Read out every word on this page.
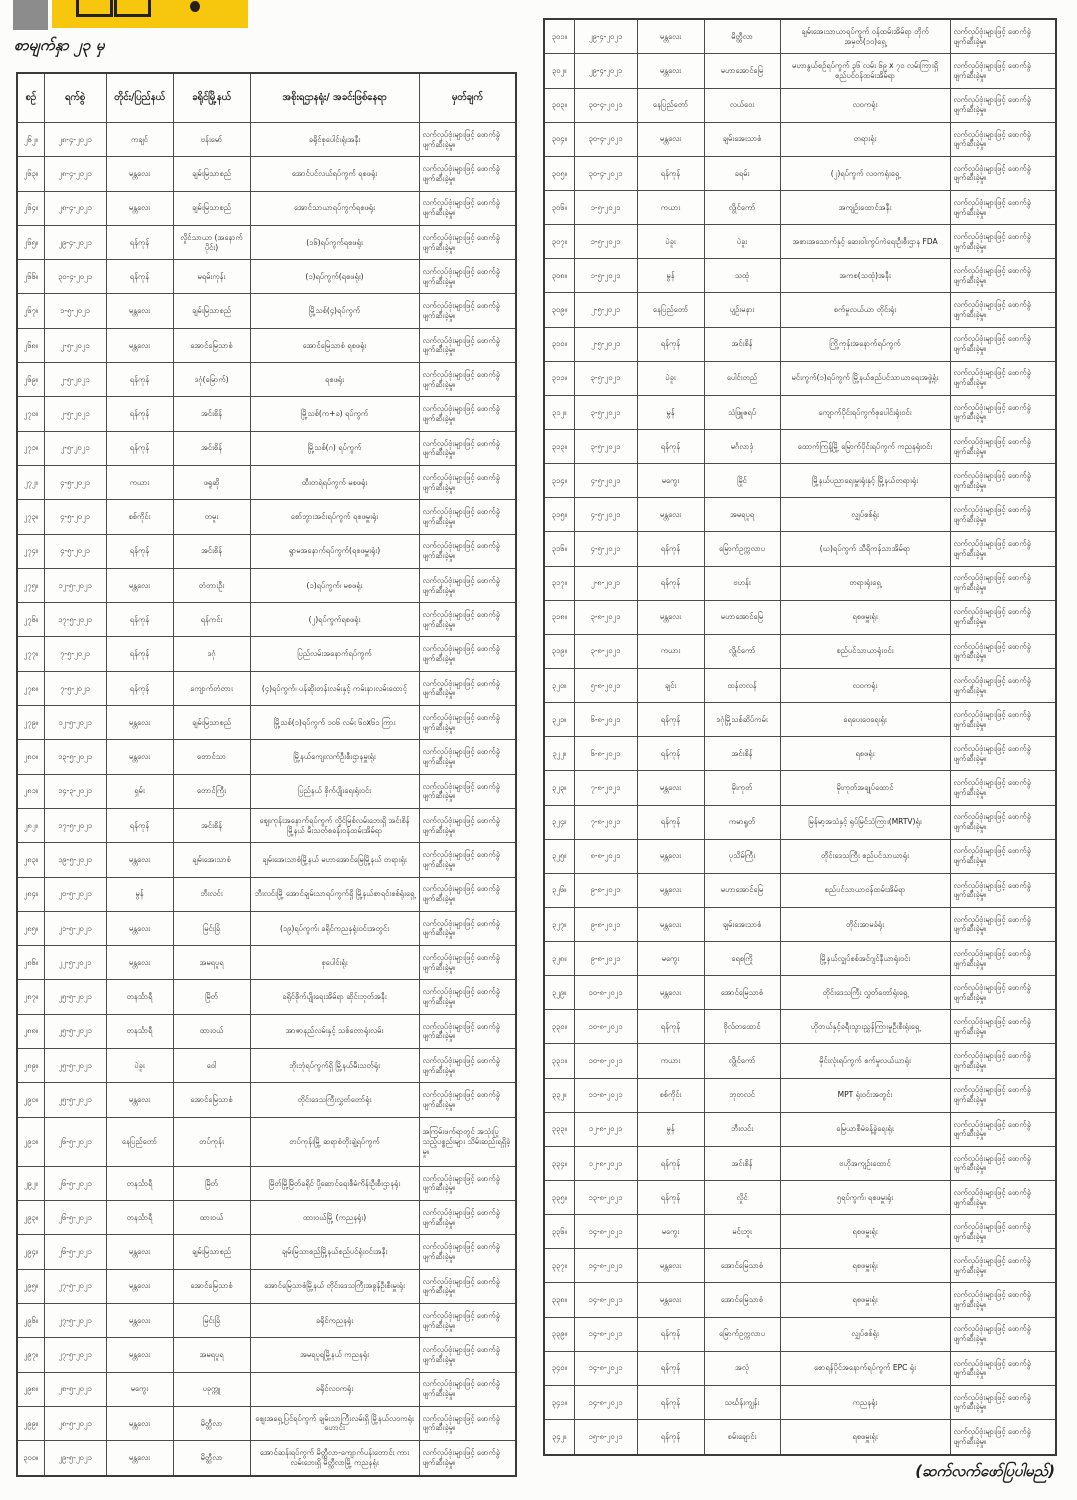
စာမျက်နှာ ၂၃ မှ
စဉ်	ရက်စွဲ	တိုင်း/ပြည်နယ်	ခရိုင်မြို့နယ်	အစိုးရဌာနရုံး/ အခင်းဖြစ်နေရာ	မှတ်ချက်
၂၆၂။	၂၈-၄-၂၀၂၁	ကချင်	ဗန်းမော်	ခရိုင်စုပေါင်းရုံးအနီး	လက်လုပ်ဗုံးများဖြင့် ဖောက်ခွဲဖျက်ဆီးခဲ့မှု။
၂၆၃။	၂၈-၄-၂၀၂၁	မန္တလေး	ချမ်းမြသာစည်	အောင်ပင်လယ်ရပ်ကွက် ရစဖရုံး	လက်လုပ်ဗုံးများဖြင့် ဖောက်ခွဲဖျက်ဆီးခဲ့မှု။
၂၆၄။	၂၈-၄-၂၀၂၁	မန္တလေး	ချမ်းမြသာစည်	အောင်သာယာရပ်ကွက်ရစဖရုံး	လက်လုပ်ဗုံးများဖြင့် ဖောက်ခွဲဖျက်ဆီးခဲ့မှု။
၂၆၅။	၂၉-၄-၂၀၂၁	ရန်ကုန်	လှိုင်သာယာ (အနောက်ပိုင်း)	(၁၆)ရပ်ကွက်ရစဖရုံး	လက်လုပ်ဗုံးများဖြင့် ဖောက်ခွဲဖျက်ဆီးခဲ့မှု။
၂၆၆။	၃၀-၄-၂၀၂၁	ရန်ကုန်	မရမ်းကုန်း	(၁)ရပ်ကွက်(ရစဖရုံး)	လက်လုပ်ဗုံးများဖြင့် ဖောက်ခွဲဖျက်ဆီးခဲ့မှု။
၂၆၇။	၁-၅-၂၀၂၁	မန္တလေး	ချမ်းမြသာစည်	မြို့သစ်(၄)ရပ်ကွက်	လက်လုပ်ဗုံးများဖြင့် ဖောက်ခွဲဖျက်ဆီးခဲ့မှု။
၂၆၈။	၂-၅-၂၀၂၁	မန္တလေး	အောင်မြေသာစံ	အောင်မြေသာစံ ရစဖရုံး	လက်လုပ်ဗုံးများဖြင့် ဖောက်ခွဲဖျက်ဆီးခဲ့မှု။
၂၆၉။	၂-၅-၂၀၂၁	ရန်ကုန်	ဒဂုံ(မြောက်)	ရစဖရုံး	လက်လုပ်ဗုံးများဖြင့် ဖောက်ခွဲဖျက်ဆီးခဲ့မှု။
၂၇၀။	၂-၅-၂၀၂၁	ရန်ကုန်	အင်းစိန်	မြို့သစ်(က+ခ) ရပ်ကွက်	လက်လုပ်ဗုံးများဖြင့် ဖောက်ခွဲဖျက်ဆီးခဲ့မှု။
၂၇၁။	၂-၅-၂၀၂၁	ရန်ကုန်	အင်းစိန်	မြို့သစ်(ဂ) ရပ်ကွက်	လက်လုပ်ဗုံးများဖြင့် ဖောက်ခွဲဖျက်ဆီးခဲ့မှု။
၂၇၂။	၄-၅-၂၀၂၁	ကယား	ဖရူဆို	ထီးတရဲရပ်ကွက် မစဖရုံး	လက်လုပ်ဗုံးများဖြင့် ဖောက်ခွဲဖျက်ဆီးခဲ့မှု။
၂၇၃။	၄-၅-၂၀၂၁	စစ်ကိုင်း	တမူး	စော်ဘွားအင်းရပ်ကွက် ရစဖမှူးရုံး	လက်လုပ်ဗုံးများဖြင့် ဖောက်ခွဲဖျက်ဆီးခဲ့မှု။
၂၇၄။	၄-၅-၂၀၂၁	ရန်ကုန်	အင်းစိန်	ရွာမအနောက်ရပ်ကွက်(ရစဖမှူးရုံး)	လက်လုပ်ဗုံးများဖြင့် ဖောက်ခွဲဖျက်ဆီးခဲ့မှု။
၂၇၅။	၁၂-၅-၂၀၂၁	မန္တလေး	တံတားဦး	(၁)ရပ်ကွက်၊ မစဖရုံး	လက်လုပ်ဗုံးများဖြင့် ဖောက်ခွဲဖျက်ဆီးခဲ့မှု။
၂၇၆။	၁၇-၅-၂၀၂၁	ရန်ကုန်	ရန်ကင်း	(၂)ရပ်ကွက်ရစဖရုံး	လက်လုပ်ဗုံးများဖြင့် ဖောက်ခွဲဖျက်ဆီးခဲ့မှု။
၂၇၇။	၇-၅-၂၀၂၁	ရန်ကုန်	ဒဂုံ	ပြည်လမ်းအနောက်ရပ်ကွက်	လက်လုပ်ဗုံးများဖြင့် ဖောက်ခွဲဖျက်ဆီးခဲ့မှု။
၂၇၈။	၇-၅-၂၀၂၁	ရန်ကုန်	ကျောက်တံတား	(၄)ရပ်ကွက်၊ ပန်ဆိုးတန်းလမ်းနှင့် ကမ်းနားလမ်းထောင့်	လက်လုပ်ဗုံးများဖြင့် ဖောက်ခွဲဖျက်ဆီးခဲ့မှု။
၂၇၉။	၁၂-၅-၂၀၂၁	မန္တလေး	ချမ်းမြသာစည်	မြို့သစ်(၁)ရပ်ကွက် ၁၀၆ လမ်း ၆၀x၆၁ ကြား	လက်လုပ်ဗုံးများဖြင့် ဖောက်ခွဲဖျက်ဆီးခဲ့မှု။
၂၈၀။	၁၃-၅-၂၀၂၁	မန္တလေး	တောင်သာ	မြို့နယ်ကျေးလက်ဦးစီးဌာနမှူးရုံး	လက်လုပ်ဗုံးများဖြင့် ဖောက်ခွဲဖျက်ဆီးခဲ့မှု။
၂၈၁။	၁၄-၃-၂၀၂၁	ရှမ်း	တောင်ကြီး	ပြည်နယ် စိုက်ပျိုးရေးရုံးဝင်း	လက်လုပ်ဗုံးများဖြင့် ဖောက်ခွဲဖျက်ဆီးခဲ့မှု။
၂၈၂။	၁၇-၅-၂၀၂၁	ရန်ကုန်	အင်းစိန်	ဈေးကုန်းအနောက်ရပ်ကွက် လှိုင်မြစ်လမ်းဘေးရှိ အင်းစိန်မြို့နယ် မီးသတ်စခန်းဝန်ထမ်းအိမ်ရာ	လက်လုပ်ဗုံးများဖြင့် ဖောက်ခွဲဖျက်ဆီးခဲ့မှု။
၂၈၃။	၁၉-၅-၂၀၂၁	မန္တလေး	ချမ်းအေးသာစံ	ချမ်းအေးသာစံမြို့နယ် မဟာအောင်မြေမြို့နယ် တရားရုံး	လက်လုပ်ဗုံးများဖြင့် ဖောက်ခွဲဖျက်ဆီးခဲ့မှု။
၂၈၄။	၂၀-၅-၂၀၂၁	မွန်	ဘီးလင်း	ဘီးလင်းမြို့ အောင်ချမ်းသာရပ်ကွက်ရှိ မြို့နယ်စာရင်းစစ်ရုံးရှေ့	လက်လုပ်ဗုံးများဖြင့် ဖောက်ခွဲဖျက်ဆီးခဲ့မှု။
၂၈၅။	၂၁-၅-၂၀၂၁	မန္တလေး	မြင်းခြံ	(၁၉)ရပ်ကွက်၊ ခရိုင်ကညနရုံးဝင်းအတွင်း	လက်လုပ်ဗုံးများဖြင့် ဖောက်ခွဲဖျက်ဆီးခဲ့မှု။
၂၈၆။	၂၂-၅-၂၀၂၁	မန္တလေး	အမရပူရ	စုပေါင်းရုံး	လက်လုပ်ဗုံးများဖြင့် ဖောက်ခွဲဖျက်ဆီးခဲ့မှု။
၂၈၇။	၂၅-၅-၂၀၂၁	တနင်္သာရီ	မြိတ်	ခရိုင်စိုက်ပျိုးရေးအိမ်ရာ ဆိုင်းဘုတ်အနီး	လက်လုပ်ဗုံးများဖြင့် ဖောက်ခွဲဖျက်ဆီးခဲ့မှု။
၂၈၈။	၂၅-၅-၂၀၂၁	တနင်္သာရီ	ထားဝယ်	အာဇာနည်လမ်းနှင့် သစ်တောရုံးလမ်း	လက်လုပ်ဗုံးများဖြင့် ဖောက်ခွဲဖျက်ဆီးခဲ့မှု။
၂၈၉။	၂၅-၅-၂၀၂၁	ပဲခူး	ဝေါ	ဘိုးဘုံရပ်ကွက်ရှိ မြို့နယ်မီးသတ်ရုံး	လက်လုပ်ဗုံးများဖြင့် ဖောက်ခွဲဖျက်ဆီးခဲ့မှု။
၂၉၀။	၂၅-၅-၂၀၂၁	မန္တလေး	အောင်မြေသာစံ	တိုင်းဒေသကြီးလွှတ်တော်ရုံး	လက်လုပ်ဗုံးများဖြင့် ဖောက်ခွဲဖျက်ဆီးခဲ့မှု။
၂၉၁။	၂၆-၅-၂၀၂၁	နေပြည်တော်	တပ်ကုန်း	တပ်ကုန်းမြို့ ဆရာစံတိုးချဲ့ရပ်ကွက်	အကြမ်းဖက်ရာတွင် အသုံးပြုသည့်ပစ္စည်းများ သိမ်းဆည်းရရှိခဲ့မှု။
၂၉၂။	၂၆-၅-၂၀၂၁	တနင်္သာရီ	မြိတ်	မြိတ်မြို့မြိတ်ခရိုင် ပို့ဆောင်ရေးစီမံကိန်းဦးစီးဌာနရုံး	လက်လုပ်ဗုံးများဖြင့် ဖောက်ခွဲဖျက်ဆီးခဲ့မှု။
၂၉၃။	၂၆-၅-၂၀၂၁	တနင်္သာရီ	ထားဝယ်	ထားဝယ်မြို့ (ကညနရုံး)	လက်လုပ်ဗုံးများဖြင့် ဖောက်ခွဲဖျက်ဆီးခဲ့မှု။
၂၉၄။	၂၆-၅-၂၀၂၁	မန္တလေး	ချမ်းမြသာစည်	ချမ်းမြသာစည်မြို့နယ်စည်ပင်ရုံးဝင်းအနီး	လက်လုပ်ဗုံးများဖြင့် ဖောက်ခွဲဖျက်ဆီးခဲ့မှု။
၂၉၅။	၂၇-၅-၂၀၂၁	မန္တလေး	အောင်မြေသာစံ	အောင်မြေသာစံမြို့နယ် တိုင်းဒေသကြီးအခွန်ဦးစီးမှူးရုံး	လက်လုပ်ဗုံးများဖြင့် ဖောက်ခွဲဖျက်ဆီးခဲ့မှု။
၂၉၆။	၂၇-၅-၂၀၂၁	မန္တလေး	မြင်းခြံ	ခရိုင်ကညနရုံး	လက်လုပ်ဗုံးများဖြင့် ဖောက်ခွဲဖျက်ဆီးခဲ့မှု။
၂၉၇။	၂၇-၅-၂၀၂၁	မန္တလေး	အမရပူရ	အမရပူရမြို့နယ် ကညနရုံး	လက်လုပ်ဗုံးများဖြင့် ဖောက်ခွဲဖျက်ဆီးခဲ့မှု။
၂၉၈။	၂၈-၅-၂၀၂၁	မကွေး	ပခုက္ကူ	ခရိုင်လဝကရုံး	လက်လုပ်ဗုံးများဖြင့် ဖောက်ခွဲဖျက်ဆီးခဲ့မှု။
၂၉၉။	၂၈-၅-၂၀၂၁	မန္တလေး	မိတ္ထီလာ	ဈေးအရှေ့ပြင်ရပ်ကွက် ချမ်းသာကြီးလမ်းရှိ မြို့နယ်လဝကရုံးဟောင်း	လက်လုပ်ဗုံးများဖြင့် ဖောက်ခွဲဖျက်ဆီးခဲ့မှု။
၃၀၀။	၂၉-၅-၂၀၂၁	မန္တလေး	မိတ္ထီလာ	အောင်ဆန်းရပ်ကွက် မိတ္ထီလာ-ကျောက်ပန်းတောင်း ကားလမ်းဘေးရှိ မိတ္ထီလာမြို့ ကညနရုံး	လက်လုပ်ဗုံးများဖြင့် ဖောက်ခွဲဖျက်ဆီးခဲ့မှု။
၃၀၁။	၂၉-၄-၂၀၂၁	မန္တလေး	မိတ္ထီလာ	ချမ်းအေးသာယာရပ်ကွက် ဝန်ထမ်းအိမ်ရာ တိုက်အမှတ်(၁၀)ရှေ့	လက်လုပ်ဗုံးများဖြင့် ဖောက်ခွဲဖျက်ဆီးခဲ့မှု။
၃၀၂။	၂၉-၄-၂၀၂၁	မန္တလေး	မဟာအောင်မြေ	မဟာနွယ်စဉ်ရပ်ကွက် ၃၆ လမ်း ၆၉ x ၇၀ လမ်းကြားရှိ စည်ပင်ဝန်ထမ်းအိမ်ရာ	လက်လုပ်ဗုံးများဖြင့် ဖောက်ခွဲဖျက်ဆီးခဲ့မှု။
၃၀၃။	၃၀-၄-၂၀၂၁	နေပြည်တော်	လယ်ဝေး	လဝကရုံး	လက်လုပ်ဗုံးများဖြင့် ဖောက်ခွဲဖျက်ဆီးခဲ့မှု။
၃၀၄။	၃၀-၄-၂၀၂၁	မန္တလေး	ချမ်းအေးသာစံ	တရားရုံး	လက်လုပ်ဗုံးများဖြင့် ဖောက်ခွဲဖျက်ဆီးခဲ့မှု။
၃၀၅။	၃၀-၄-၂၀၂၁	ရန်ကုန်	ခရမ်း	(၂)ရပ်ကွက် လဝကရုံးရှေ့	လက်လုပ်ဗုံးများဖြင့် ဖောက်ခွဲဖျက်ဆီးခဲ့မှု။
၃၀၆။	၁-၅-၂၀၂၁	ကယား	လွိုင်ကော်	အကျဉ်းထောင်အနီး	လက်လုပ်ဗုံးများဖြင့် ဖောက်ခွဲဖျက်ဆီးခဲ့မှု။
၃၀၇။	၁-၅-၂၀၂၁	ပဲခူး	ပဲခူး	အစားအသောက်နှင့် ဆေးဝါးကွပ်ကဲရေးဦးစီးဌာန FDA	လက်လုပ်ဗုံးများဖြင့် ဖောက်ခွဲဖျက်ဆီးခဲ့မှု။
၃၀၈။	၁-၅-၂၀၂၁	မွန်	သထုံ	အကစ(သထုံ)အနီး	လက်လုပ်ဗုံးများဖြင့် ဖောက်ခွဲဖျက်ဆီးခဲ့မှု။
၃၀၉။	၂-၅-၂၀၂၁	နေပြည်တော်	ပျဉ်းမနား	စက်မှုလယ်ယာ တိုင်းရုံး	လက်လုပ်ဗုံးများဖြင့် ဖောက်ခွဲဖျက်ဆီးခဲ့မှု။
၃၁၀။	၂-၅-၂၀၂၁	ရန်ကုန်	အင်းစိန်	ကြို့ကုန်းအနောက်ရပ်ကွက်	လက်လုပ်ဗုံးများဖြင့် ဖောက်ခွဲဖျက်ဆီးခဲ့မှု။
၃၁၁။	၃-၅-၂၀၂၁	ပဲခူး	ပေါင်းတည်	မင်းကွက်(၁)ရပ်ကွက် မြို့နယ်စည်ပင်သာယာရေးအဖွဲ့ရုံး	လက်လုပ်ဗုံးများဖြင့် ဖောက်ခွဲဖျက်ဆီးခဲ့မှု။
၃၁၂။	၃-၅-၂၀၂၁	မွန်	သံဖြူဇရပ်	ကျောက်ပိုင်းရပ်ကွက်စုပေါင်းရုံးဝင်း	လက်လုပ်ဗုံးများဖြင့် ဖောက်ခွဲဖျက်ဆီးခဲ့မှု။
၃၁၃။	၃-၅-၂၀၂၁	ရန်ကုန်	မင်္ဂလာဒုံ	ထောက်ကြန့်မြို့ မြောက်ပိုင်းရပ်ကွက် ကညနရုံးဝင်း	လက်လုပ်ဗုံးများဖြင့် ဖောက်ခွဲဖျက်ဆီးခဲ့မှု။
၃၁၄။	၄-၅-၂၀၂၁	မကွေး	မြိုင်	မြို့နယ်ပညာရေးမှူးရုံးနှင့် မြို့နယ်တရားရုံး	လက်လုပ်ဗုံးများဖြင့် ဖောက်ခွဲဖျက်ဆီးခဲ့မှု။
၃၁၅။	၄-၅-၂၀၂၁	မန္တလေး	အမရပူရ	လျှပ်စစ်ရုံး	လက်လုပ်ဗုံးများဖြင့် ဖောက်ခွဲဖျက်ဆီးခဲ့မှု။
၃၁၆။	၄-၅-၂၀၂၁	ရန်ကုန်	မြောက်ဥက္ကလာပ	(ဃ)ရပ်ကွက် သီရိကန်သာအိမ်ရာ	လက်လုပ်ဗုံးများဖြင့် ဖောက်ခွဲဖျက်ဆီးခဲ့မှု။
၃၁၇။	၂-၈-၂၀၂၁	ရန်ကုန်	ဗဟန်း	တရားရုံးရှေ့	လက်လုပ်ဗုံးများဖြင့် ဖောက်ခွဲဖျက်ဆီးခဲ့မှု။
၃၁၈။	၃-၈-၂၀၂၁	မန္တလေး	မဟာအောင်မြေ	ရစဖမှူးရုံး	လက်လုပ်ဗုံးများဖြင့် ဖောက်ခွဲဖျက်ဆီးခဲ့မှု။
၃၁၉။	၃-၈-၂၀၂၁	ကယား	လွိုင်ကော်	စည်ပင်သာယာရုံးဝင်း	လက်လုပ်ဗုံးများဖြင့် ဖောက်ခွဲဖျက်ဆီးခဲ့မှု။
၃၂၀။	၅-၈-၂၀၂၁	ချင်း	ထန်တလန်	လဝကရုံး	လက်လုပ်ဗုံးများဖြင့် ဖောက်ခွဲဖျက်ဆီးခဲ့မှု။
၃၂၁။	၆-၈-၂၀၂၁	ရန်ကုန်	ဒဂုံမြို့သစ်ဆိပ်ကမ်း	ရေပေးဝေရေးရုံး	လက်လုပ်ဗုံးများဖြင့် ဖောက်ခွဲဖျက်ဆီးခဲ့မှု။
၃၂၂။	၆-၈-၂၀၂၁	ရန်ကုန်	အင်းစိန်	ရစဖရုံး	လက်လုပ်ဗုံးများဖြင့် ဖောက်ခွဲဖျက်ဆီးခဲ့မှု။
၃၂၃။	၇-၈-၂၀၂၁	မန္တလေး	မိုးကုတ်	မိုးကုတ်အချုပ်ထောင်	လက်လုပ်ဗုံးများဖြင့် ဖောက်ခွဲဖျက်ဆီးခဲ့မှု။
၃၂၄။	၇-၈-၂၀၂၁	ရန်ကုန်	ကမာရွတ်	မြန်မာ့အသံနှင့် ရုပ်မြင်သံကြား(MRTV)ရုံး	လက်လုပ်ဗုံးများဖြင့် ဖောက်ခွဲဖျက်ဆီးခဲ့မှု။
၃၂၅။	၈-၈-၂၀၂၁	မန္တလေး	ပုသိမ်ကြီး	တိုင်းဒေသကြီး စည်ပင်သာယာရုံး	လက်လုပ်ဗုံးများဖြင့် ဖောက်ခွဲဖျက်ဆီးခဲ့မှု။
၃၂၆။	၉-၈-၂၀၂၁	မန္တလေး	မဟာအောင်မြေ	စည်ပင်သာယာဝန်ထမ်းအိမ်ရာ	လက်လုပ်ဗုံးများဖြင့် ဖောက်ခွဲဖျက်ဆီးခဲ့မှု။
၃၂၇။	၉-၈-၂၀၂၁	မန္တလေး	ချမ်းအေးသာစံ	တိုင်းအာမခံရုံး	လက်လုပ်ဗုံးများဖြင့် ဖောက်ခွဲဖျက်ဆီးခဲ့မှု။
၃၂၈။	၉-၈-၂၀၂၁	မကွေး	ရေစကြို	မြို့နယ်လျှပ်စစ်အင်ဂျင်နီယာရုံးဝင်း	လက်လုပ်ဗုံးများဖြင့် ဖောက်ခွဲဖျက်ဆီးခဲ့မှု။
၃၂၉။	၁၀-၈-၂၀၂၁	မန္တလေး	အောင်မြေသာစံ	တိုင်းဒေသကြီး လွှတ်တော်ရုံးရှေ့	လက်လုပ်ဗုံးများဖြင့် ဖောက်ခွဲဖျက်ဆီးခဲ့မှု။
၃၃၀။	၁၀-၈-၂၀၂၁	ရန်ကုန်	ဗိုလ်တထောင်	ဟိုတယ်နှင့်ခရီးသွားညွှန်ကြားမှုဦးစီးရုံးရှေ့	လက်လုပ်ဗုံးများဖြင့် ဖောက်ခွဲဖျက်ဆီးခဲ့မှု။
၃၃၁။	၁၀-၈-၂၀၂၁	ကယား	လွိုင်ကော်	မိုင်းလုံးရပ်ကွက် စက်မှုလယ်ယာရုံး	လက်လုပ်ဗုံးများဖြင့် ဖောက်ခွဲဖျက်ဆီးခဲ့မှု။
၃၃၂။	၁၁-၈-၂၀၂၁	စစ်ကိုင်း	ဘုတလင်	MPT ရုံးဝင်းအတွင်း	လက်လုပ်ဗုံးများဖြင့် ဖောက်ခွဲဖျက်ဆီးခဲ့မှု။
၃၃၃။	၁၂-၈-၂၀၂၁	မွန်	ဘီးလင်း	မြေယာစီမံခန့်ခွဲရေးရုံး	လက်လုပ်ဗုံးများဖြင့် ဖောက်ခွဲဖျက်ဆီးခဲ့မှု။
၃၃၄။	၁၂-၈-၂၀၂၁	ရန်ကုန်	အင်းစိန်	ဗဟိုအကျဉ်းထောင်	လက်လုပ်ဗုံးများဖြင့် ဖောက်ခွဲဖျက်ဆီးခဲ့မှု။
၃၃၅။	၁၃-၈-၂၀၂၁	ရန်ကုန်	လှိုင်	၅ရပ်ကွက်၊ ရစဖမှူးရုံး	လက်လုပ်ဗုံးများဖြင့် ဖောက်ခွဲဖျက်ဆီးခဲ့မှု။
၃၃၆။	၁၄-၈-၂၀၂၁	မကွေး	မင်းဘူး	ရစဖမှူးရုံး	လက်လုပ်ဗုံးများဖြင့် ဖောက်ခွဲဖျက်ဆီးခဲ့မှု။
၃၃၇။	၁၄-၈-၂၀၂၁	မန္တလေး	အောင်မြေသာစံ	ရစဖမှူးရုံး	လက်လုပ်ဗုံးများဖြင့် ဖောက်ခွဲဖျက်ဆီးခဲ့မှု။
၃၃၈။	၁၄-၈-၂၀၂၁	မန္တလေး	အောင်မြေသာစံ	ရစဖမှူးရုံး	လက်လုပ်ဗုံးများဖြင့် ဖောက်ခွဲဖျက်ဆီးခဲ့မှု။
၃၃၉။	၁၄-၈-၂၀၂၁	ရန်ကုန်	မြောက်ဥက္ကလာပ	လျှပ်စစ်ရုံး	လက်လုပ်ဗုံးများဖြင့် ဖောက်ခွဲဖျက်ဆီးခဲ့မှု။
၃၄၀။	၁၄-၈-၂၀၂၁	ရန်ကုန်	အလုံ	စောရန်ပိုင်အနောက်ရပ်ကွက် EPC ရုံး	လက်လုပ်ဗုံးများဖြင့် ဖောက်ခွဲဖျက်ဆီးခဲ့မှု။
၃၄၁။	၁၄-၈-၂၀၂၁	ရန်ကုန်	သင်္ဃန်းကျွန်း	ကညနရုံး	လက်လုပ်ဗုံးများဖြင့် ဖောက်ခွဲဖျက်ဆီးခဲ့မှု။
၃၄၂။	၁၅-၈-၂၀၂၁	ရန်ကုန်	စမ်းချောင်း	ရစဖမှူးရုံး	လက်လုပ်ဗုံးများဖြင့် ဖောက်ခွဲဖျက်ဆီးခဲ့မှု။
(ဆက်လက်ဖော်ပြပါမည်)
